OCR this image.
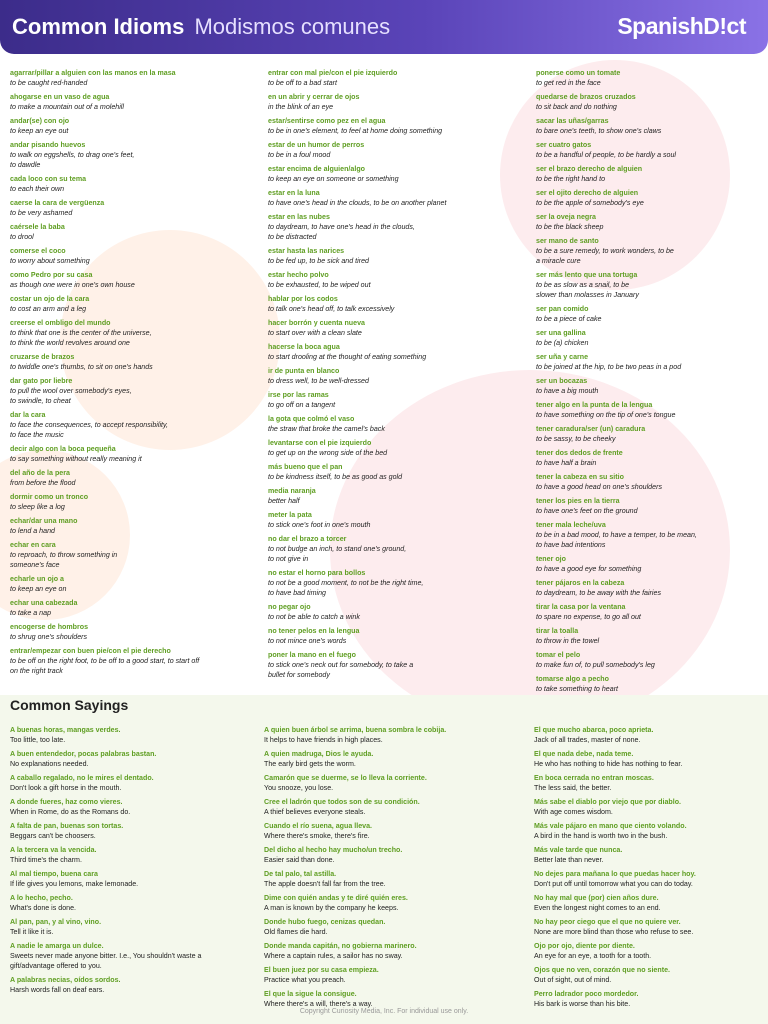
Common Idioms Modismos comunes	SpanishD!ct
agarrar/pillar a alguien con las manos en la masa
to be caught red-handed
ahogarse en un vaso de agua
to make a mountain out of a molehill
andar(se) con ojo
to keep an eye out
andar pisando huevos
to walk on eggshells, to drag one's feet,
to dawdle
cada loco con su tema
to each their own
caerse la cara de vergüenza
to be very ashamed
caérsele la baba
to drool
comerse el coco
to worry about something
como Pedro por su casa
as though one were in one's own house
costar un ojo de la cara
to cost an arm and a leg
creerse el ombligo del mundo
to think that one is the center of the universe,
to think the world revolves around one
cruzarse de brazos
to twiddle one's thumbs, to sit on one's hands
dar gato por liebre
to pull the wool over somebody's eyes,
to swindle, to cheat
dar la cara
to face the consequences, to accept responsibility,
to face the music
decir algo con la boca pequeña
to say something without really meaning it
del año de la pera
from before the flood
dormir como un tronco
to sleep like a log
echar/dar una mano
to lend a hand
echar en cara
to reproach, to throw something in
someone's face
echarle un ojo a
to keep an eye on
echar una cabezada
to take a nap
encogerse de hombros
to shrug one's shoulders
entrar/empezar con buen pie/con el pie derecho
to be off on the right foot, to be off to a good start, to start off
on the right track
entrar con mal pie/con el pie izquierdo
to be off to a bad start
en un abrir y cerrar de ojos
in the blink of an eye
estar/sentirse como pez en el agua
to be in one's element, to feel at home doing something
estar de un humor de perros
to be in a foul mood
estar encima de alguien/algo
to keep an eye on someone or something
estar en la luna
to have one's head in the clouds, to be on another planet
estar en las nubes
to daydream, to have one's head in the clouds,
to be distracted
estar hasta las narices
to be fed up, to be sick and tired
estar hecho polvo
to be exhausted, to be wiped out
hablar por los codos
to talk one's head off, to talk excessively
hacer borrón y cuenta nueva
to start over with a clean slate
hacerse la boca agua
to start drooling at the thought of eating something
ir de punta en blanco
to dress well, to be well-dressed
irse por las ramas
to go off on a tangent
la gota que colmó el vaso
the straw that broke the camel's back
levantarse con el pie izquierdo
to get up on the wrong side of the bed
más bueno que el pan
to be kindness itself, to be as good as gold
media naranja
better half
meter la pata
to stick one's foot in one's mouth
no dar el brazo a torcer
to not budge an inch, to stand one's ground,
to not give in
no estar el horno para bollos
to not be a good moment, to not be the right time,
to have bad timing
no pegar ojo
to not be able to catch a wink
no tener pelos en la lengua
to not mince one's words
poner la mano en el fuego
to stick one's neck out for somebody, to take a
bullet for somebody
ponerse como un tomate
to get red in the face
quedarse de brazos cruzados
to sit back and do nothing
sacar las uñas/garras
to bare one's teeth, to show one's claws
ser cuatro gatos
to be a handful of people, to be hardly a soul
ser el brazo derecho de alguien
to be the right hand to
ser el ojito derecho de alguien
to be the apple of somebody's eye
ser la oveja negra
to be the black sheep
ser mano de santo
to be a sure remedy, to work wonders, to be
a miracle cure
ser más lento que una tortuga
to be as slow as a snail, to be
slower than molasses in January
ser pan comido
to be a piece of cake
ser una gallina
to be (a) chicken
ser uña y carne
to be joined at the hip, to be two peas in a pod
ser un bocazas
to have a big mouth
tener algo en la punta de la lengua
to have something on the tip of one's tongue
tener caradura/ser (un) caradura
to be sassy, to be cheeky
tener dos dedos de frente
to have half a brain
tener la cabeza en su sitio
to have a good head on one's shoulders
tener los pies en la tierra
to have one's feet on the ground
tener mala leche/uva
to be in a bad mood, to have a temper, to be mean,
to have bad intentions
tener ojo
to have a good eye for something
tener pájaros en la cabeza
to daydream, to be away with the fairies
tirar la casa por la ventana
to spare no expense, to go all out
tirar la toalla
to throw in the towel
tomar el pelo
to make fun of, to pull somebody's leg
tomarse algo a pecho
to take something to heart
Common Sayings
A buenas horas, mangas verdes.
Too little, too late.
A buen entendedor, pocas palabras bastan.
No explanations needed.
A caballo regalado, no le mires el dentado.
Don't look a gift horse in the mouth.
A donde fueres, haz como vieres.
When in Rome, do as the Romans do.
A falta de pan, buenas son tortas.
Beggars can't be choosers.
A la tercera va la vencida.
Third time's the charm.
Al mal tiempo, buena cara
If life gives you lemons, make lemonade.
A lo hecho, pecho.
What's done is done.
Al pan, pan, y al vino, vino.
Tell it like it is.
A nadie le amarga un dulce.
Sweets never made anyone bitter. I.e., You shouldn't waste a
gift/advantage offered to you.
A palabras necias, oídos sordos.
Harsh words fall on deaf ears.
A quien buen árbol se arrima, buena sombra le cobija.
It helps to have friends in high places.
A quien madruga, Dios le ayuda.
The early bird gets the worm.
Camarón que se duerme, se lo lleva la corriente.
You snooze, you lose.
Cree el ladrón que todos son de su condición.
A thief believes everyone steals.
Cuando el río suena, agua lleva.
Where there's smoke, there's fire.
Del dicho al hecho hay mucho/un trecho.
Easier said than done.
De tal palo, tal astilla.
The apple doesn't fall far from the tree.
Dime con quién andas y te diré quién eres.
A man is known by the company he keeps.
Donde hubo fuego, cenizas quedan.
Old flames die hard.
Donde manda capitán, no gobierna marinero.
Where a captain rules, a sailor has no sway.
El buen juez por su casa empieza.
Practice what you preach.
El que la sigue la consigue.
Where there's a will, there's a way.
El que mucho abarca, poco aprieta.
Jack of all trades, master of none.
El que nada debe, nada teme.
He who has nothing to hide has nothing to fear.
En boca cerrada no entran moscas.
The less said, the better.
Más sabe el diablo por viejo que por diablo.
With age comes wisdom.
Más vale pájaro en mano que ciento volando.
A bird in the hand is worth two in the bush.
Más vale tarde que nunca.
Better late than never.
No dejes para mañana lo que puedas hacer hoy.
Don't put off until tomorrow what you can do today.
No hay mal que (por) cien años dure.
Even the longest night comes to an end.
No hay peor ciego que el que no quiere ver.
None are more blind than those who refuse to see.
Ojo por ojo, diente por diente.
An eye for an eye, a tooth for a tooth.
Ojos que no ven, corazón que no siente.
Out of sight, out of mind.
Perro ladrador poco mordedor.
His bark is worse than his bite.
Copyright Curiosity Media, Inc. For individual use only.
